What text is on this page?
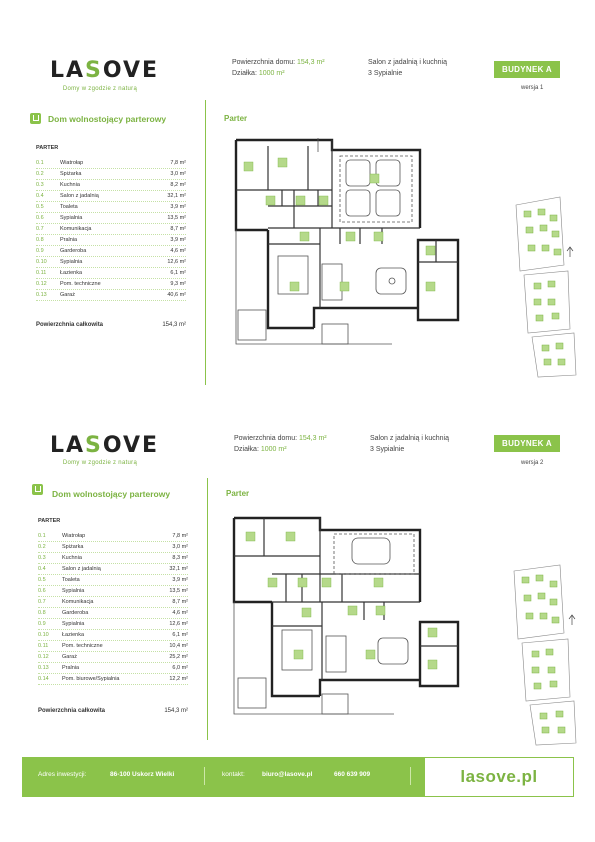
LASOVE
Domy w zgodzie z naturą
Powierzchnia domu: 154,3 m²
Działka: 1000 m²
Salon z jadalnią i kuchnią
3 Sypialnie	BUDYNEK A
wersja 1
Dom wolnostojący parterowy	Parter
PARTER
0.1	Wiatrołap	7,8 m²
0.2	Spiżarka	3,0 m²
0.3	Kuchnia	8,2 m²
0.4	Salon z jadalnią	32,1 m²
0.5	Toaleta	3,9 m²
0.6	Sypialnia	13,5 m²
0.7	Komunikacja	8,7 m²
0.8	Pralnia	3,9 m²
0.9	Garderoba	4,6 m²
0.10 Sypialnia	12,6 m²
0.11 Łazienka	6,1 m²
0.12 Pom. techniczne	9,3 m²
0.13 Garaż	40,6 m²
Powierzchnia całkowita	154,3 m²
LASOVE
Domy w zgodzie z naturą
Powierzchnia domu: 154,3 m²
Działka: 1000 m²
Salon z jadalnią i kuchnią
3 Sypialnie
BUDYNEK A
wersja 2
Dom wolnostojący parterowy	Parter
PARTER
0.1	Wiatrołap	7,8 m²
0.2	Spiżarka	3,0 m²
0.3	Kuchnia	8,3 m²
0.4	Salon z jadalnią	32,1 m²
0.5	Toaleta	3,9 m²
0.6	Sypialnia	13,5 m²
0.7	Komunikacja	8,7 m²
0.8	Garderoba	4,6 m²
0.9	Sypialnia	12,6 m²
0.10 Łazienka	6,1 m²
0.11 Pom. techniczne	10,4 m²
0.12 Garaż	25,2 m²
0.13 Pralnia	6,0 m²
0.14 Pom. biurowe/Sypialnia	12,2 m²
Powierzchnia całkowita	154,3 m²
Adres inwestycji:	86-100 Uskorz Wielki	kontakt:	biuro@lasove.pl	660 639 909	lasove.pl
